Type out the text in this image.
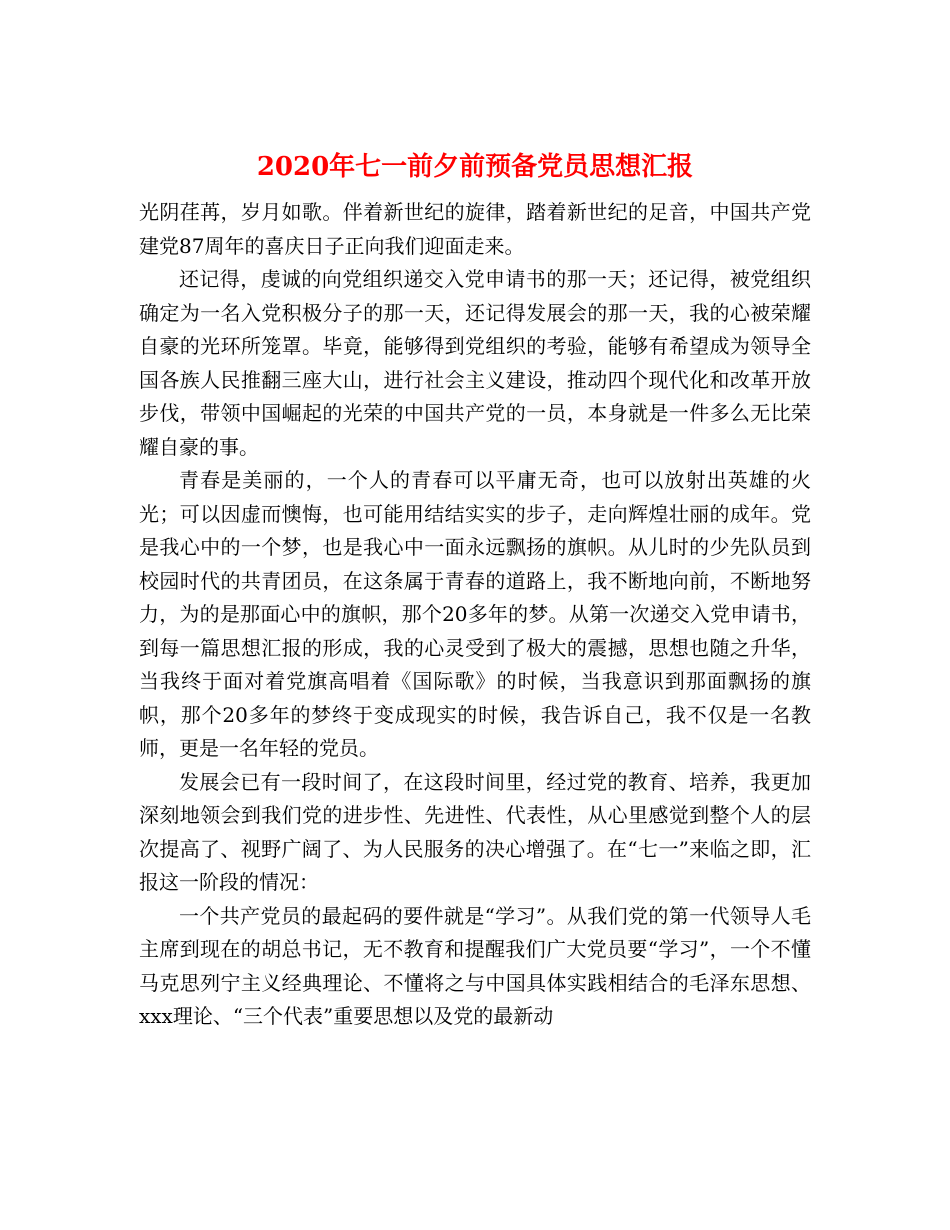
2020年七一前夕前预备党员思想汇报

光阴荏苒，岁月如歌。伴着新世纪的旋律，踏着新世纪的足音，中国共产党建党87周年的喜庆日子正向我们迎面走来。

还记得，虔诚的向党组织递交入党申请书的那一天；还记得，被党组织确定为一名入党积极分子的那一天，还记得发展会的那一天，我的心被荣耀自豪的光环所笼罩。毕竟，能够得到党组织的考验，能够有希望成为领导全国各族人民推翻三座大山，进行社会主义建设，推动四个现代化和改革开放步伐，带领中国崛起的光荣的中国共产党的一员，本身就是一件多么无比荣耀自豪的事。

青春是美丽的，一个人的青春可以平庸无奇，也可以放射出英雄的火光；可以因虚而懊悔，也可能用结结实实的步子，走向辉煌壮丽的成年。党是我心中的一个梦，也是我心中一面永远飘扬的旗帜。从儿时的少先队员到校园时代的共青团员，在这条属于青春的道路上，我不断地向前，不断地努力，为的是那面心中的旗帜，那个20多年的梦。从第一次递交入党申请书，到每一篇思想汇报的形成，我的心灵受到了极大的震撼，思想也随之升华，当我终于面对着党旗高唱着《国际歌》的时候，当我意识到那面飘扬的旗帜，那个20多年的梦终于变成现实的时候，我告诉自己，我不仅是一名教师，更是一名年轻的党员。

发展会已有一段时间了，在这段时间里，经过党的教育、培养，我更加深刻地领会到我们党的进步性、先进性、代表性，从心里感觉到整个人的层次提高了、视野广阔了、为人民服务的决心增强了。在“七一”来临之即，汇报这一阶段的情况：

一个共产党员的最起码的要件就是“学习”。从我们党的第一代领导人毛主席到现在的胡总书记，无不教育和提醒我们广大党员要“学习”，一个不懂马克思列宁主义经典理论、不懂将之与中国具体实践相结合的毛泽东思想、xxx理论、“三个代表”重要思想以及党的最新动
